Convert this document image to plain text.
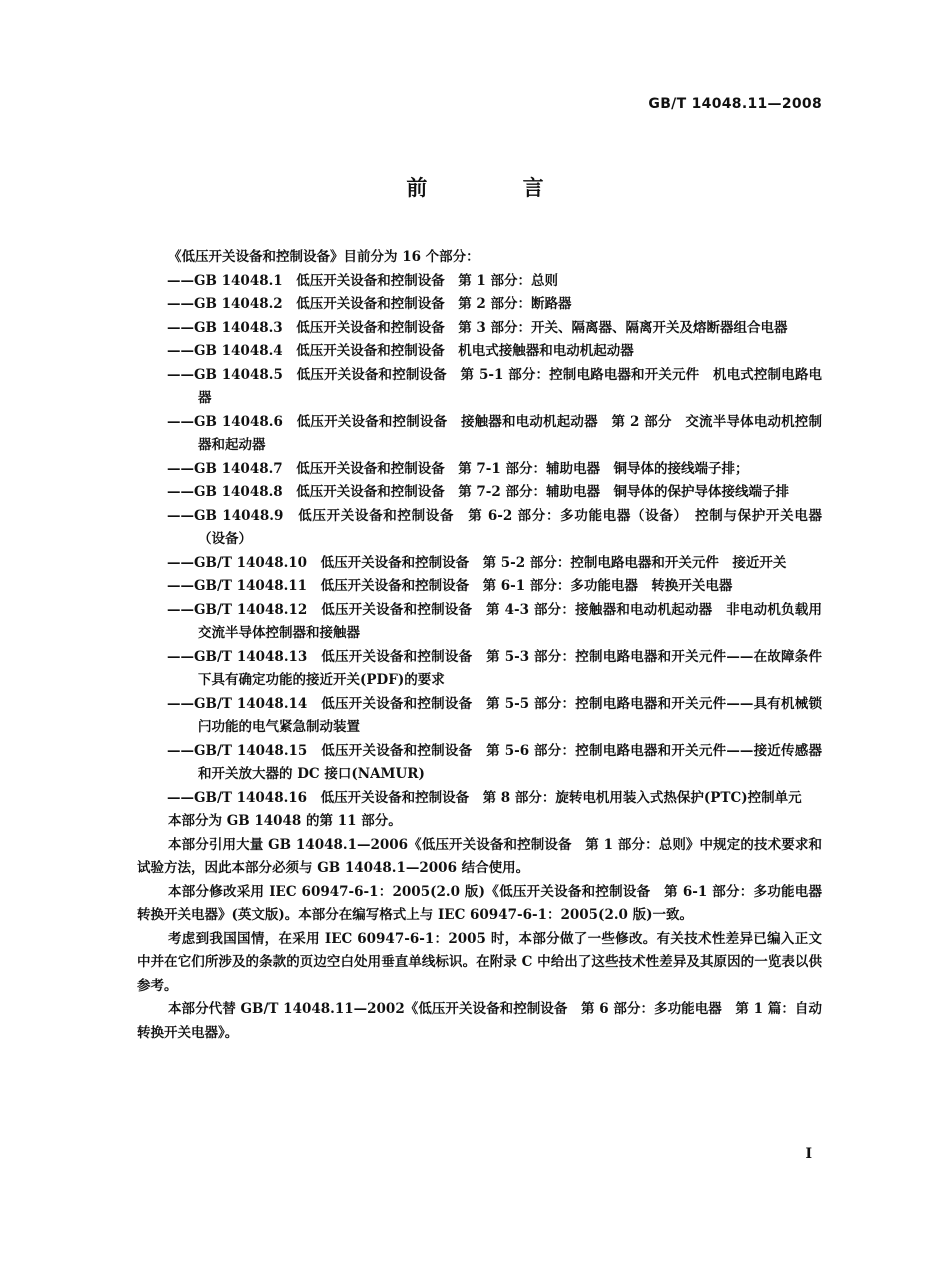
GB/T 14048.11—2008
前 言
《低压开关设备和控制设备》目前分为 16 个部分：
——GB 14048.1　低压开关设备和控制设备　第 1 部分：总则
——GB 14048.2　低压开关设备和控制设备　第 2 部分：断路器
——GB 14048.3　低压开关设备和控制设备　第 3 部分：开关、隔离器、隔离开关及熔断器组合电器
——GB 14048.4　低压开关设备和控制设备　机电式接触器和电动机起动器
——GB 14048.5　低压开关设备和控制设备　第 5-1 部分：控制电路电器和开关元件　机电式控制电路电器
——GB 14048.6　低压开关设备和控制设备　接触器和电动机起动器　第 2 部分　交流半导体电动机控制器和起动器
——GB 14048.7　低压开关设备和控制设备　第 7-1 部分：辅助电器　铜导体的接线端子排；
——GB 14048.8　低压开关设备和控制设备　第 7-2 部分：辅助电器　铜导体的保护导体接线端子排
——GB 14048.9　低压开关设备和控制设备　第 6-2 部分：多功能电器（设备）　控制与保护开关电器（设备）
——GB/T 14048.10　低压开关设备和控制设备　第 5-2 部分：控制电路电器和开关元件　接近开关
——GB/T 14048.11　低压开关设备和控制设备　第 6-1 部分：多功能电器　转换开关电器
——GB/T 14048.12　低压开关设备和控制设备　第 4-3 部分：接触器和电动机起动器　非电动机负载用交流半导体控制器和接触器
——GB/T 14048.13　低压开关设备和控制设备　第 5-3 部分：控制电路电器和开关元件——在故障条件下具有确定功能的接近开关(PDF)的要求
——GB/T 14048.14　低压开关设备和控制设备　第 5-5 部分：控制电路电器和开关元件——具有机械锁闩功能的电气紧急制动装置
——GB/T 14048.15　低压开关设备和控制设备　第 5-6 部分：控制电路电器和开关元件——接近传感器和开关放大器的 DC 接口(NAMUR)
——GB/T 14048.16　低压开关设备和控制设备　第 8 部分：旋转电机用装入式热保护(PTC)控制单元
本部分为 GB 14048 的第 11 部分。
本部分引用大量 GB 14048.1—2006《低压开关设备和控制设备　第 1 部分：总则》中规定的技术要求和试验方法，因此本部分必须与 GB 14048.1—2006 结合使用。
本部分修改采用 IEC 60947-6-1：2005(2.0 版)《低压开关设备和控制设备　第 6-1 部分：多功能电器　转换开关电器》(英文版)。本部分在编写格式上与 IEC 60947-6-1：2005(2.0 版)一致。
考虑到我国国情，在采用 IEC 60947-6-1：2005 时，本部分做了一些修改。有关技术性差异已编入正文中并在它们所涉及的条款的页边空白处用垂直单线标识。在附录 C 中给出了这些技术性差异及其原因的一览表以供参考。
本部分代替 GB/T 14048.11—2002《低压开关设备和控制设备　第 6 部分：多功能电器　第 1 篇：自动转换开关电器》。
I
